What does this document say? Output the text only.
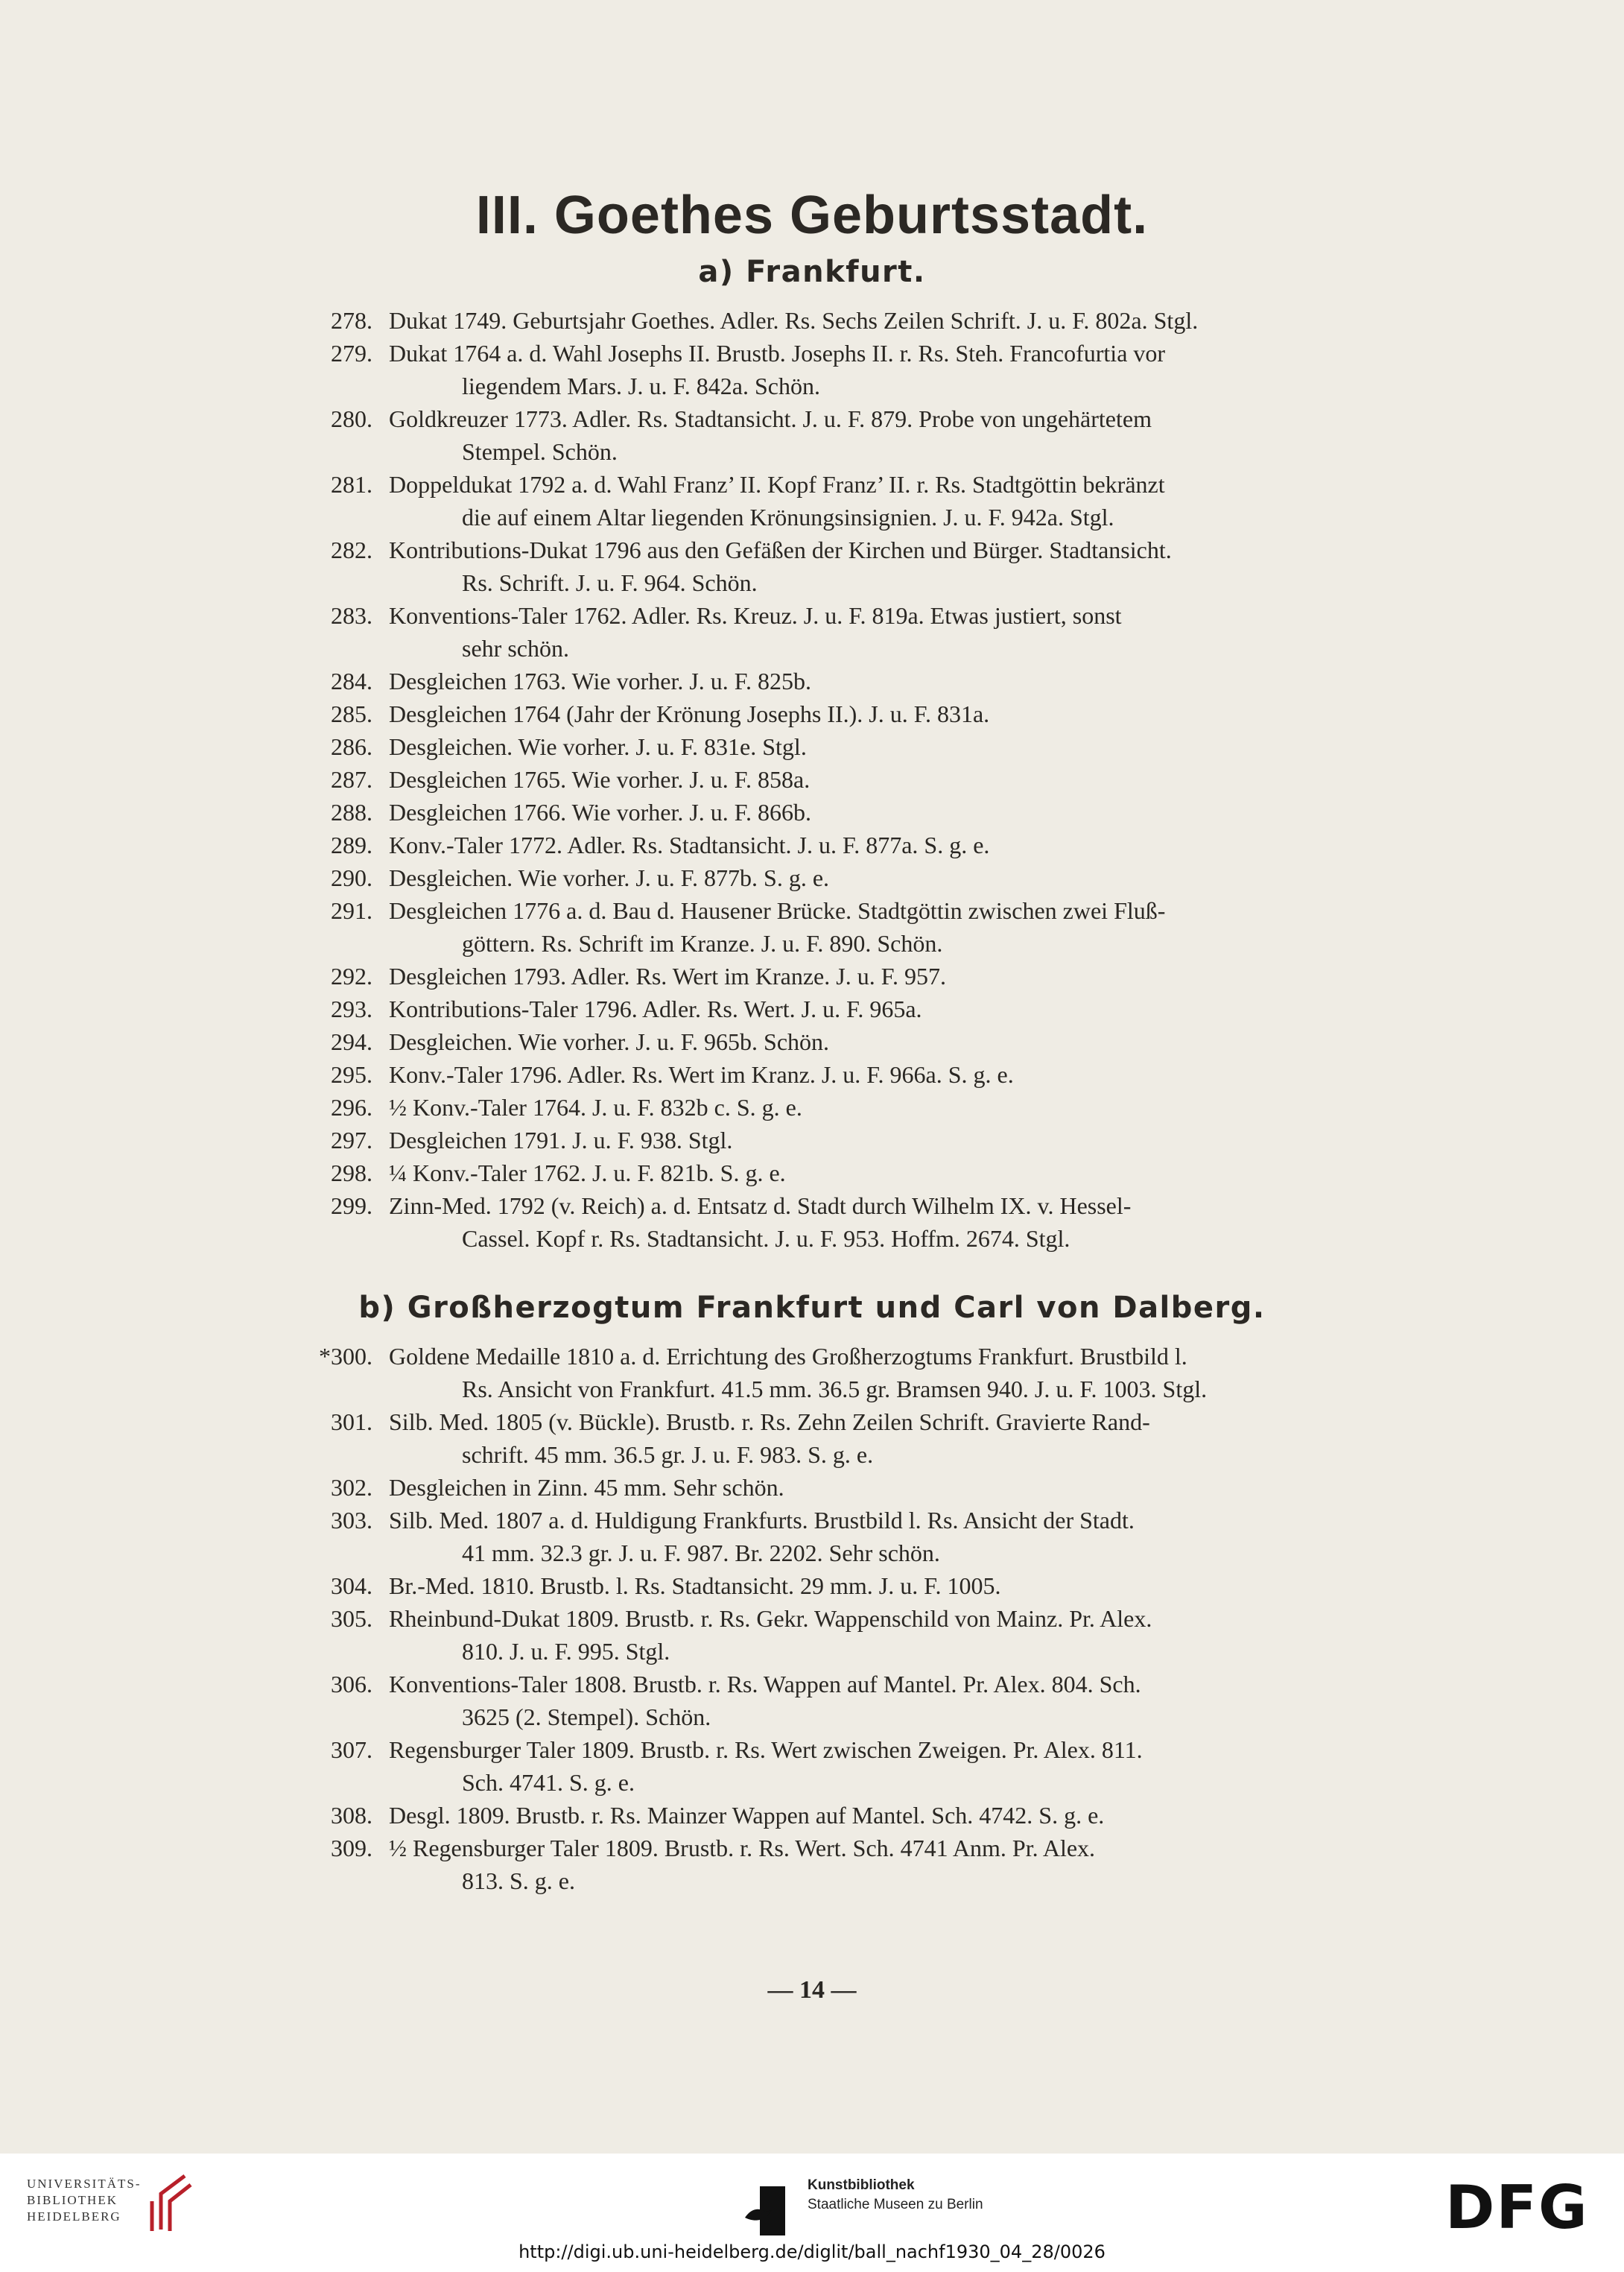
III. Goethes Geburtsstadt.
a) Frankfurt.
278. Dukat 1749. Geburtsjahr Goethes. Adler. Rs. Sechs Zeilen Schrift. J. u. F. 802a. Stgl.
279. Dukat 1764 a. d. Wahl Josephs II. Brustb. Josephs II. r. Rs. Steh. Francofurtia vor
liegendem Mars. J. u. F. 842a. Schön.
280. Goldkreuzer 1773. Adler. Rs. Stadtansicht. J. u. F. 879. Probe von ungehärtetem
Stempel. Schön.
281. Doppeldukat 1792 a. d. Wahl Franz’ II. Kopf Franz’ II. r. Rs. Stadtgöttin bekränzt
die auf einem Altar liegenden Krönungsinsignien. J. u. F. 942a. Stgl.
282. Kontributions-Dukat 1796 aus den Gefäßen der Kirchen und Bürger. Stadtansicht.
Rs. Schrift. J. u. F. 964. Schön.
283. Konventions-Taler 1762. Adler. Rs. Kreuz. J. u. F. 819a. Etwas justiert, sonst
sehr schön.
284. Desgleichen 1763. Wie vorher. J. u. F. 825b.
285. Desgleichen 1764 (Jahr der Krönung Josephs II.). J. u. F. 831a.
286. Desgleichen. Wie vorher. J. u. F. 831e. Stgl.
287. Desgleichen 1765. Wie vorher. J. u. F. 858a.
288. Desgleichen 1766. Wie vorher. J. u. F. 866b.
289. Konv.-Taler 1772. Adler. Rs. Stadtansicht. J. u. F. 877a. S. g. e.
290. Desgleichen. Wie vorher. J. u. F. 877b. S. g. e.
291. Desgleichen 1776 a. d. Bau d. Hausener Brücke. Stadtgöttin zwischen zwei Fluß-
göttern. Rs. Schrift im Kranze. J. u. F. 890. Schön.
292. Desgleichen 1793. Adler. Rs. Wert im Kranze. J. u. F. 957.
293. Kontributions-Taler 1796. Adler. Rs. Wert. J. u. F. 965a.
294. Desgleichen. Wie vorher. J. u. F. 965b. Schön.
295. Konv.-Taler 1796. Adler. Rs. Wert im Kranz. J. u. F. 966a. S. g. e.
296. ½ Konv.-Taler 1764. J. u. F. 832b c. S. g. e.
297. Desgleichen 1791. J. u. F. 938. Stgl.
298. ¼ Konv.-Taler 1762. J. u. F. 821b. S. g. e.
299. Zinn-Med. 1792 (v. Reich) a. d. Entsatz d. Stadt durch Wilhelm IX. v. Hessel-
Cassel. Kopf r. Rs. Stadtansicht. J. u. F. 953. Hoffm. 2674. Stgl.
b) Großherzogtum Frankfurt und Carl von Dalberg.
*300. Goldene Medaille 1810 a. d. Errichtung des Großherzogtums Frankfurt. Brustbild l.
Rs. Ansicht von Frankfurt. 41.5 mm. 36.5 gr. Bramsen 940. J. u. F. 1003. Stgl.
301. Silb. Med. 1805 (v. Bückle). Brustb. r. Rs. Zehn Zeilen Schrift. Gravierte Rand-
schrift. 45 mm. 36.5 gr. J. u. F. 983. S. g. e.
302. Desgleichen in Zinn. 45 mm. Sehr schön.
303. Silb. Med. 1807 a. d. Huldigung Frankfurts. Brustbild l. Rs. Ansicht der Stadt.
41 mm. 32.3 gr. J. u. F. 987. Br. 2202. Sehr schön.
304. Br.-Med. 1810. Brustb. l. Rs. Stadtansicht. 29 mm. J. u. F. 1005.
305. Rheinbund-Dukat 1809. Brustb. r. Rs. Gekr. Wappenschild von Mainz. Pr. Alex.
810. J. u. F. 995. Stgl.
306. Konventions-Taler 1808. Brustb. r. Rs. Wappen auf Mantel. Pr. Alex. 804. Sch.
3625 (2. Stempel). Schön.
307. Regensburger Taler 1809. Brustb. r. Rs. Wert zwischen Zweigen. Pr. Alex. 811.
Sch. 4741. S. g. e.
308. Desgl. 1809. Brustb. r. Rs. Mainzer Wappen auf Mantel. Sch. 4742. S. g. e.
309. ½ Regensburger Taler 1809. Brustb. r. Rs. Wert. Sch. 4741 Anm. Pr. Alex.
813. S. g. e.
— 14 —
UNIVERSITÄTS-
BIBLIOTHEK
HEIDELBERG
Kunstbibliothek
Staatliche Museen zu Berlin	DFG
http://digi.ub.uni-heidelberg.de/diglit/ball_nachf1930_04_28/0026
